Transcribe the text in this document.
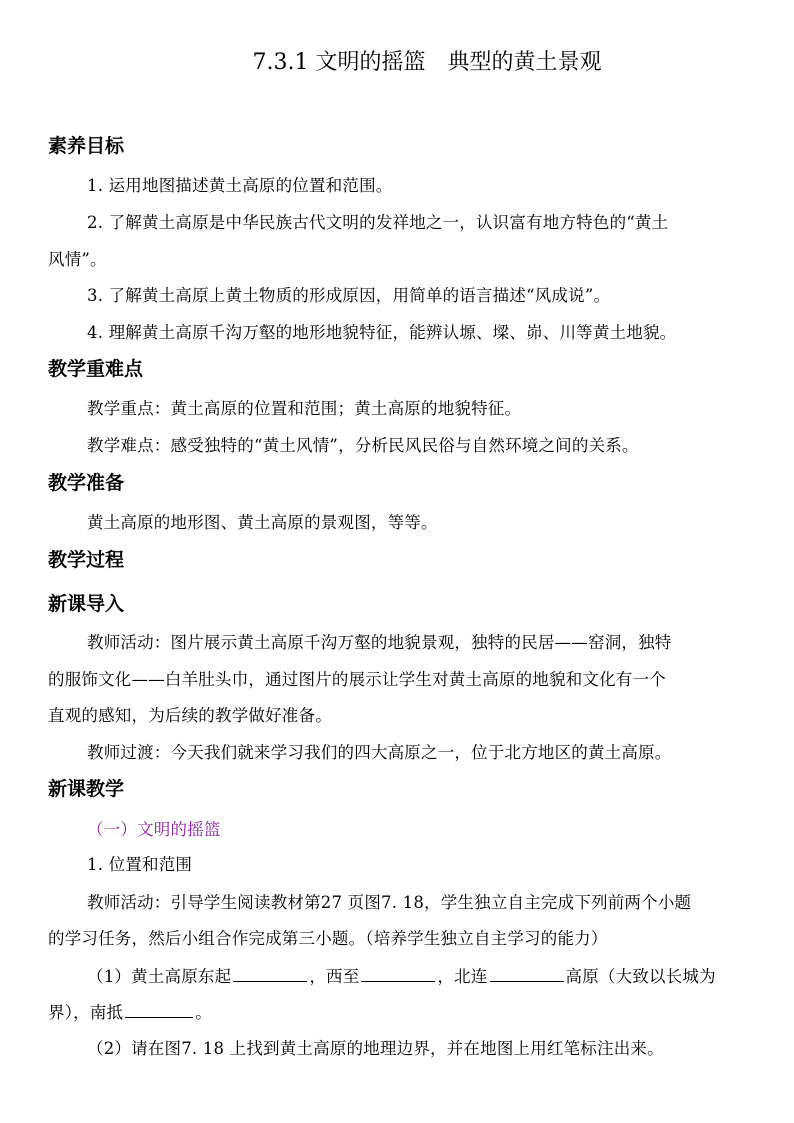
7.3.1 文明的摇篮　典型的黄土景观
素养目标
1. 运用地图描述黄土高原的位置和范围。
2. 了解黄土高原是中华民族古代文明的发祥地之一，认识富有地方特色的“黄土
风情”。
3. 了解黄土高原上黄土物质的形成原因，用简单的语言描述“风成说”。
4. 理解黄土高原千沟万壑的地形地貌特征，能辨认塬、墚、峁、川等黄土地貌。
教学重难点
教学重点：黄土高原的位置和范围；黄土高原的地貌特征。
教学难点：感受独特的“黄土风情”，分析民风民俗与自然环境之间的关系。
教学准备
黄土高原的地形图、黄土高原的景观图，等等。
教学过程
新课导入
教师活动：图片展示黄土高原千沟万壑的地貌景观，独特的民居——窑洞，独特
的服饰文化——白羊肚头巾，通过图片的展示让学生对黄土高原的地貌和文化有一个
直观的感知，为后续的教学做好准备。
教师过渡：今天我们就来学习我们的四大高原之一，位于北方地区的黄土高原。
新课教学
（一）文明的摇篮
1. 位置和范围
教师活动：引导学生阅读教材第27 页图7. 18，学生独立自主完成下列前两个小题
的学习任务，然后小组合作完成第三小题。（培养学生独立自主学习的能力）
（1）黄土高原东起	，西至	，北连	高原（大致以长城为
界），南抵	。
（2）请在图7. 18 上找到黄土高原的地理边界，并在地图上用红笔标注出来。
